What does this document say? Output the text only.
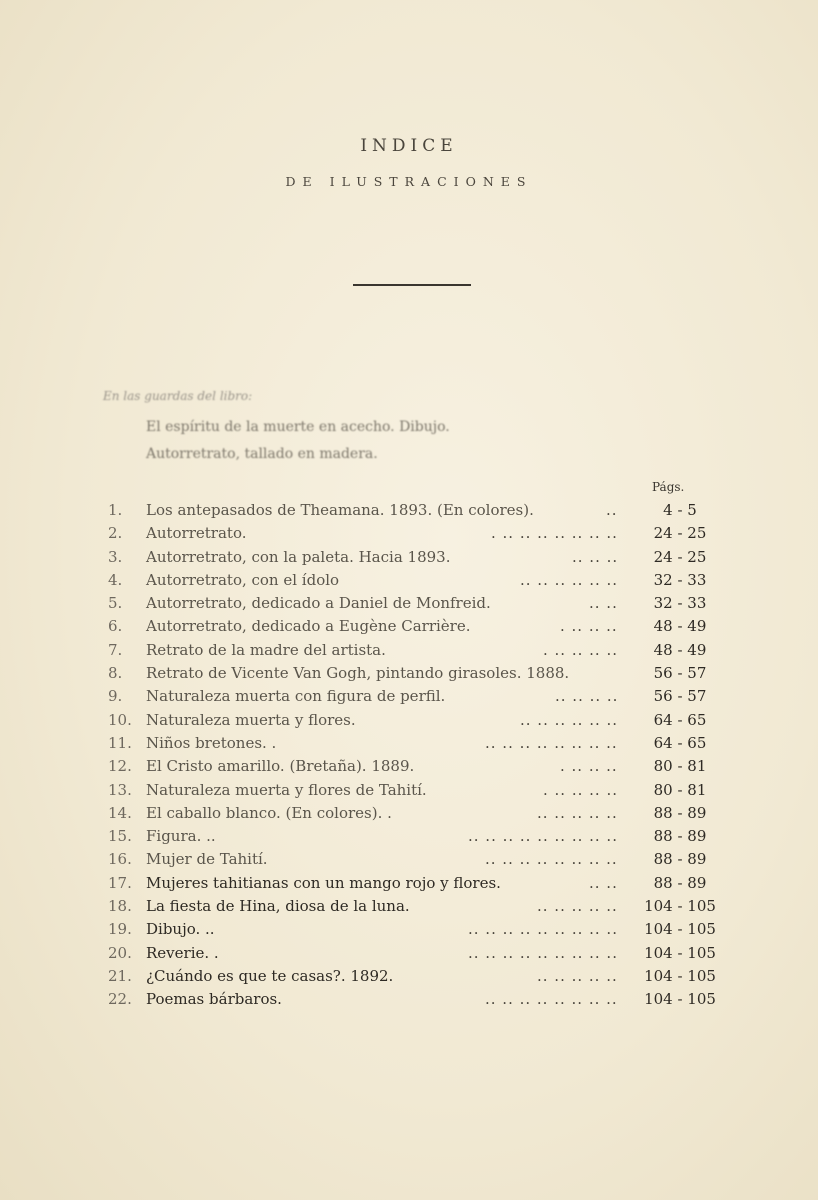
INDICE
DE ILUSTRACIONES
En las guardas del libro:
El espíritu de la muerte en acecho. Dibujo.
Autorretrato, tallado en madera.
Págs.
1.	Los antepasados de Theamana. 1893. (En colores).	..	4 - 5
2.	Autorretrato.	. .. .. .. .. .. .. ..	24 - 25
3.	Autorretrato, con la paleta. Hacia 1893.	.. .. ..	24 - 25
4.	Autorretrato, con el ídolo	.. .. .. .. .. ..	32 - 33
5.	Autorretrato, dedicado a Daniel de Monfreid.	.. ..	32 - 33
6.	Autorretrato, dedicado a Eugène Carrière.	. .. .. ..	48 - 49
7.	Retrato de la madre del artista.	. .. .. .. ..	48 - 49
8.	Retrato de Vicente Van Gogh, pintando girasoles. 1888.	56 - 57
9.	Naturaleza muerta con figura de perfil.	.. .. .. ..	56 - 57
10. Naturaleza muerta y flores.	.. .. .. .. .. ..	64 - 65
11. Niños bretones. .	.. .. .. .. .. .. .. ..	64 - 65
12. El Cristo amarillo. (Bretaña). 1889.	. .. .. ..	80 - 81
13. Naturaleza muerta y flores de Tahití.	. .. .. .. ..	80 - 81
14. El caballo blanco. (En colores). .	.. .. .. .. ..	88 - 89
15. Figura. ..	.. .. .. .. .. .. .. .. ..	88 - 89
16. Mujer de Tahití.	.. .. .. .. .. .. .. ..	88 - 89
17. Mujeres tahitianas con un mango rojo y flores.	.. ..	88 - 89
18. La fiesta de Hina, diosa de la luna.	.. .. .. .. .. 104 - 105
19. Dibujo. ..	.. .. .. .. .. .. .. .. .. 104 - 105
20. Reverie. .	.. .. .. .. .. .. .. .. .. 104 - 105
21. ¿Cuándo es que te casas?. 1892.	.. .. .. .. .. 104 - 105
22. Poemas bárbaros.	.. .. .. .. .. .. .. .. 104 - 105
